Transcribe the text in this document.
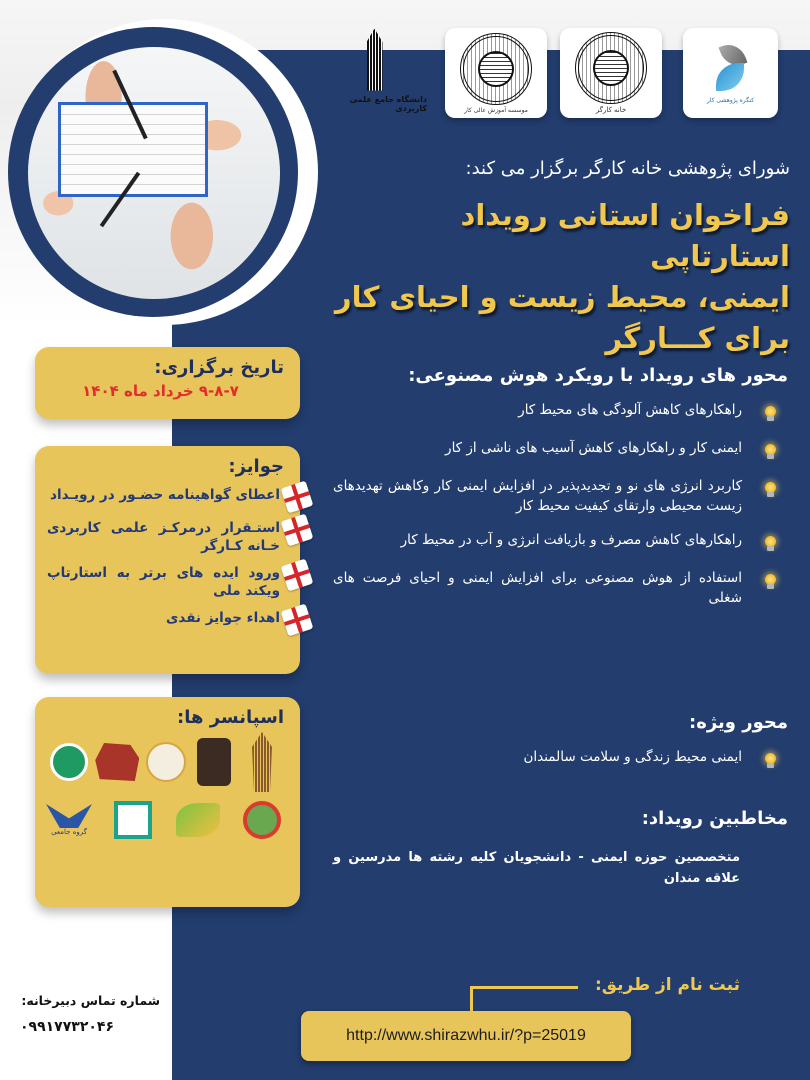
دانشگاه جامع علمی کاربردی	موسسه آموزش عالی کار	خانه کارگر
کنگره پژوهشی کار
شورای پژوهشی خانه کارگر برگزار می کند:
فراخوان استانی رویداد استارتاپی
ایمنی، محیط زیست و احیای کار
برای کـــارگر
تاریخ برگزاری:
۹-۸-۷ خرداد ماه ۱۴۰۴
جوایز:
اعطای گواهینامه حضـور در رویـداد
استـقرار درمرکـز علمی کاربردی خـانه کـارگر
ورود ایده های برتر به استارتاپ ویکند ملی
اهداء جوایز نقدی
اسپانسر ها:
گروه جامعی
محور های رویداد با رویکرد هوش مصنوعی:
راهکارهای کاهش آلودگی های محیط کار
ایمنی کار و راهکارهای کاهش آسیب های ناشی از کار
کاربرد انرژی های نو و تجدیدپذیر در افزایش ایمنی کار وکاهش تهدیدهای زیست محیطی وارتقای کیفیت محیط کار
راهکارهای کاهش مصرف و بازیافت انرژی و آب در محیط کار
استفاده از هوش مصنوعی برای افزایش ایمنی و احیای فرصت های شغلی
محور ویژه:
ایمنی محیط زندگی و سلامت سالمندان
مخاطبین رویداد:
متخصصین حوزه ایمنی - دانشجویان کلیه رشته ها مدرسین و علاقه مندان
ثبت نام از طریق:
http://www.shirazwhu.ir/?p=25019
شماره تماس دبیرخانه:
۰۹۹۱۷۷۳۲۰۴۶
